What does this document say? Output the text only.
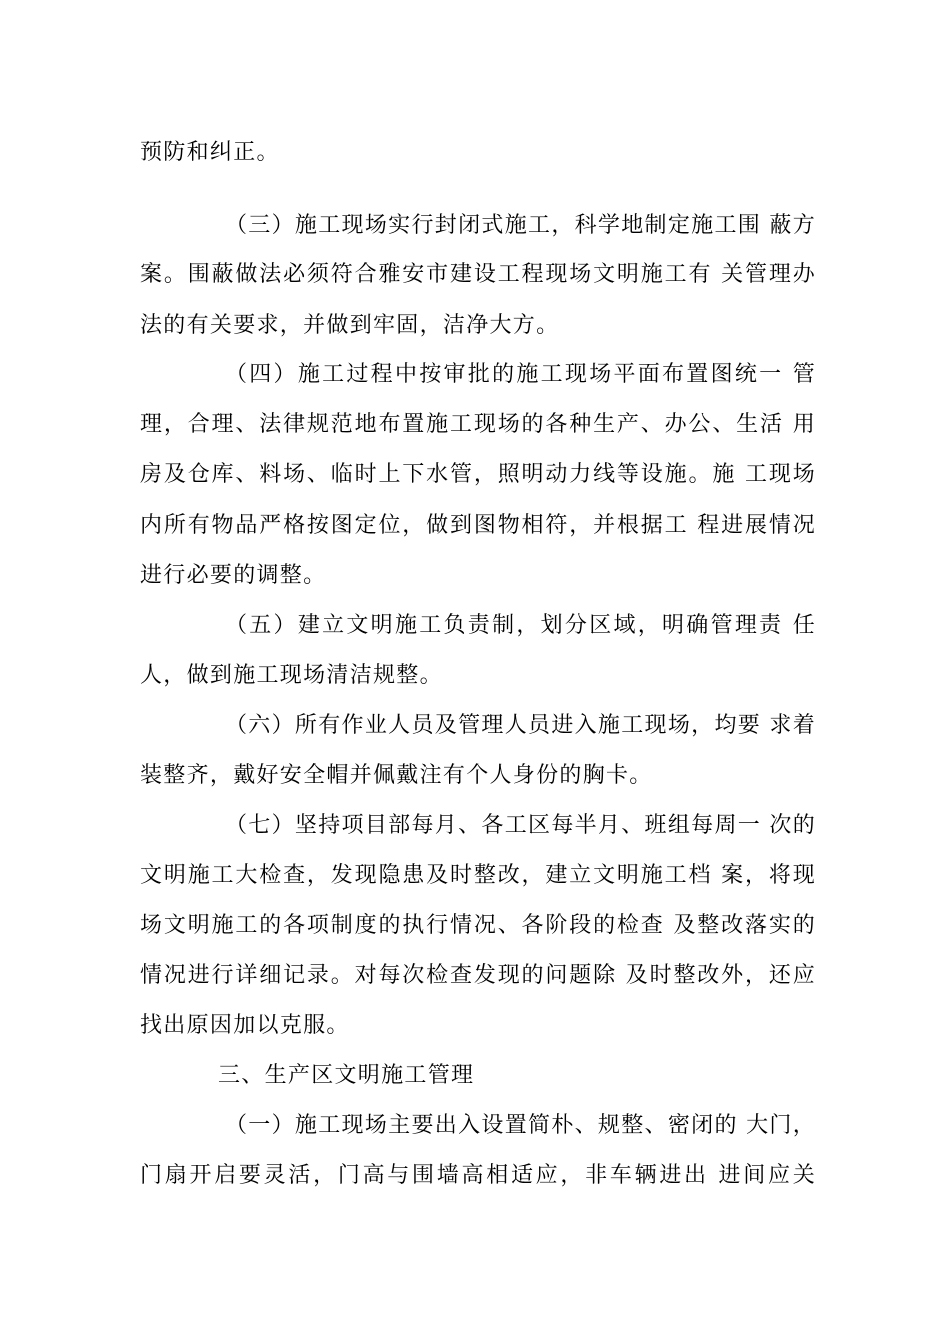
预防和纠正。
（三）施工现场实行封闭式施工，科学地制定施工围 蔽方
案。围蔽做法必须符合雅安市建设工程现场文明施工有 关管理办
法的有关要求，并做到牢固，洁净大方。
（四）施工过程中按审批的施工现场平面布置图统一 管
理，合理、法律规范地布置施工现场的各种生产、办公、生活 用
房及仓库、料场、临时上下水管，照明动力线等设施。施 工现场
内所有物品严格按图定位，做到图物相符，并根据工 程进展情况
进行必要的调整。
（五）建立文明施工负责制，划分区域，明确管理责 任
人，做到施工现场清洁规整。
（六）所有作业人员及管理人员进入施工现场，均要 求着
装整齐，戴好安全帽并佩戴注有个人身份的胸卡。
（七）坚持项目部每月、各工区每半月、班组每周一 次的
文明施工大检查，发现隐患及时整改，建立文明施工档 案，将现
场文明施工的各项制度的执行情况、各阶段的检查 及整改落实的
情况进行详细记录。对每次检查发现的问题除 及时整改外，还应
找出原因加以克服。
三、生产区文明施工管理
（一）施工现场主要出入设置简朴、规整、密闭的 大门，
门扇开启要灵活，门高与围墙高相适应，非车辆进出 进间应关
